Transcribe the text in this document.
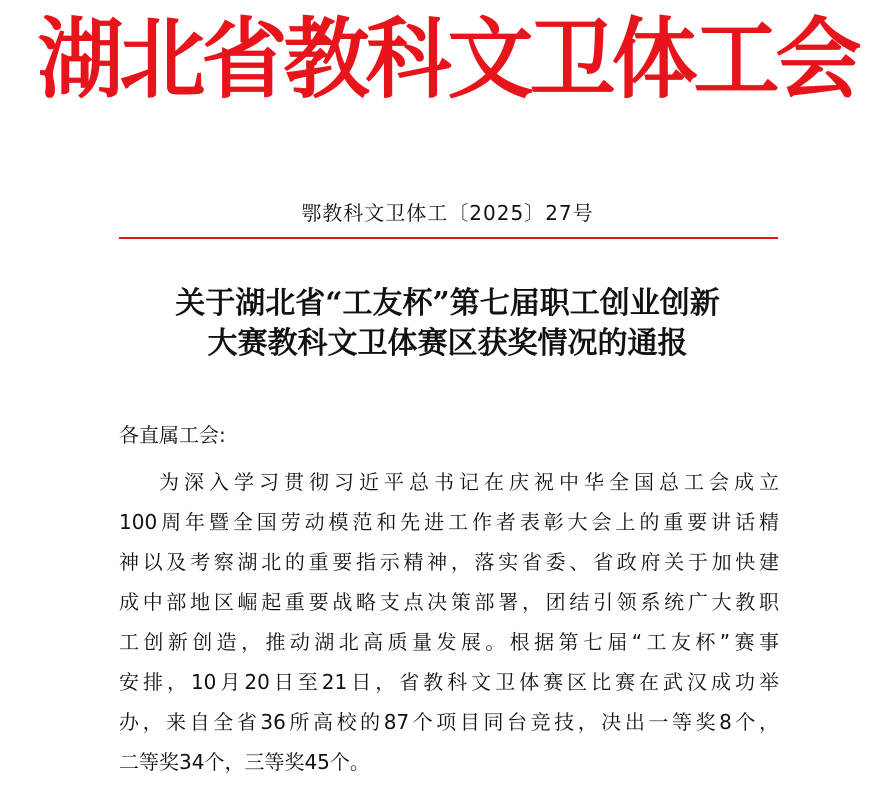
湖北省教科文卫体工会
鄂教科文卫体工〔2025〕27号
关于湖北省“工友杯”第七届职工创业创新
大赛教科文卫体赛区获奖情况的通报
各直属工会:
为深入学习贯彻习近平总书记在庆祝中华全国总工会成立
100周年暨全国劳动模范和先进工作者表彰大会上的重要讲话精
神以及考察湖北的重要指示精神，落实省委、省政府关于加快建
成中部地区崛起重要战略支点决策部署，团结引领系统广大教职
工创新创造，推动湖北高质量发展。根据第七届“工友杯”赛事
安排，10月20日至21日，省教科文卫体赛区比赛在武汉成功举
办，来自全省36所高校的87个项目同台竞技，决出一等奖8个，
二等奖34个，三等奖45个。
